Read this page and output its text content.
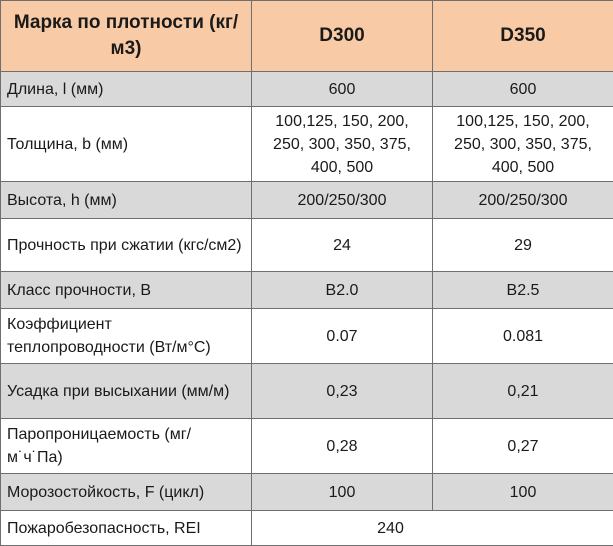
Марка по плотности (кг/м3)	D300	D350
Длина, l (мм)	600	600
Толщина, b (мм)	100,125, 150, 200, 250, 300, 350, 375, 400, 500	100,125, 150, 200, 250, 300, 350, 375, 400, 500
Высота, h (мм)	200/250/300	200/250/300
Прочность при сжатии (кгс/см2)	24	29
Класс прочности, B	B2.0	B2.5
Коэффициент теплопроводности (Вт/м°С)	0.07	0.081
Усадка при высыхании (мм/м)	0,23	0,21
Паропроницаемость (мг/м˙ч˙Па)	0,28	0,27
Морозостойкость, F (цикл)	100	100
Пожаробезопасность, REI	240	
